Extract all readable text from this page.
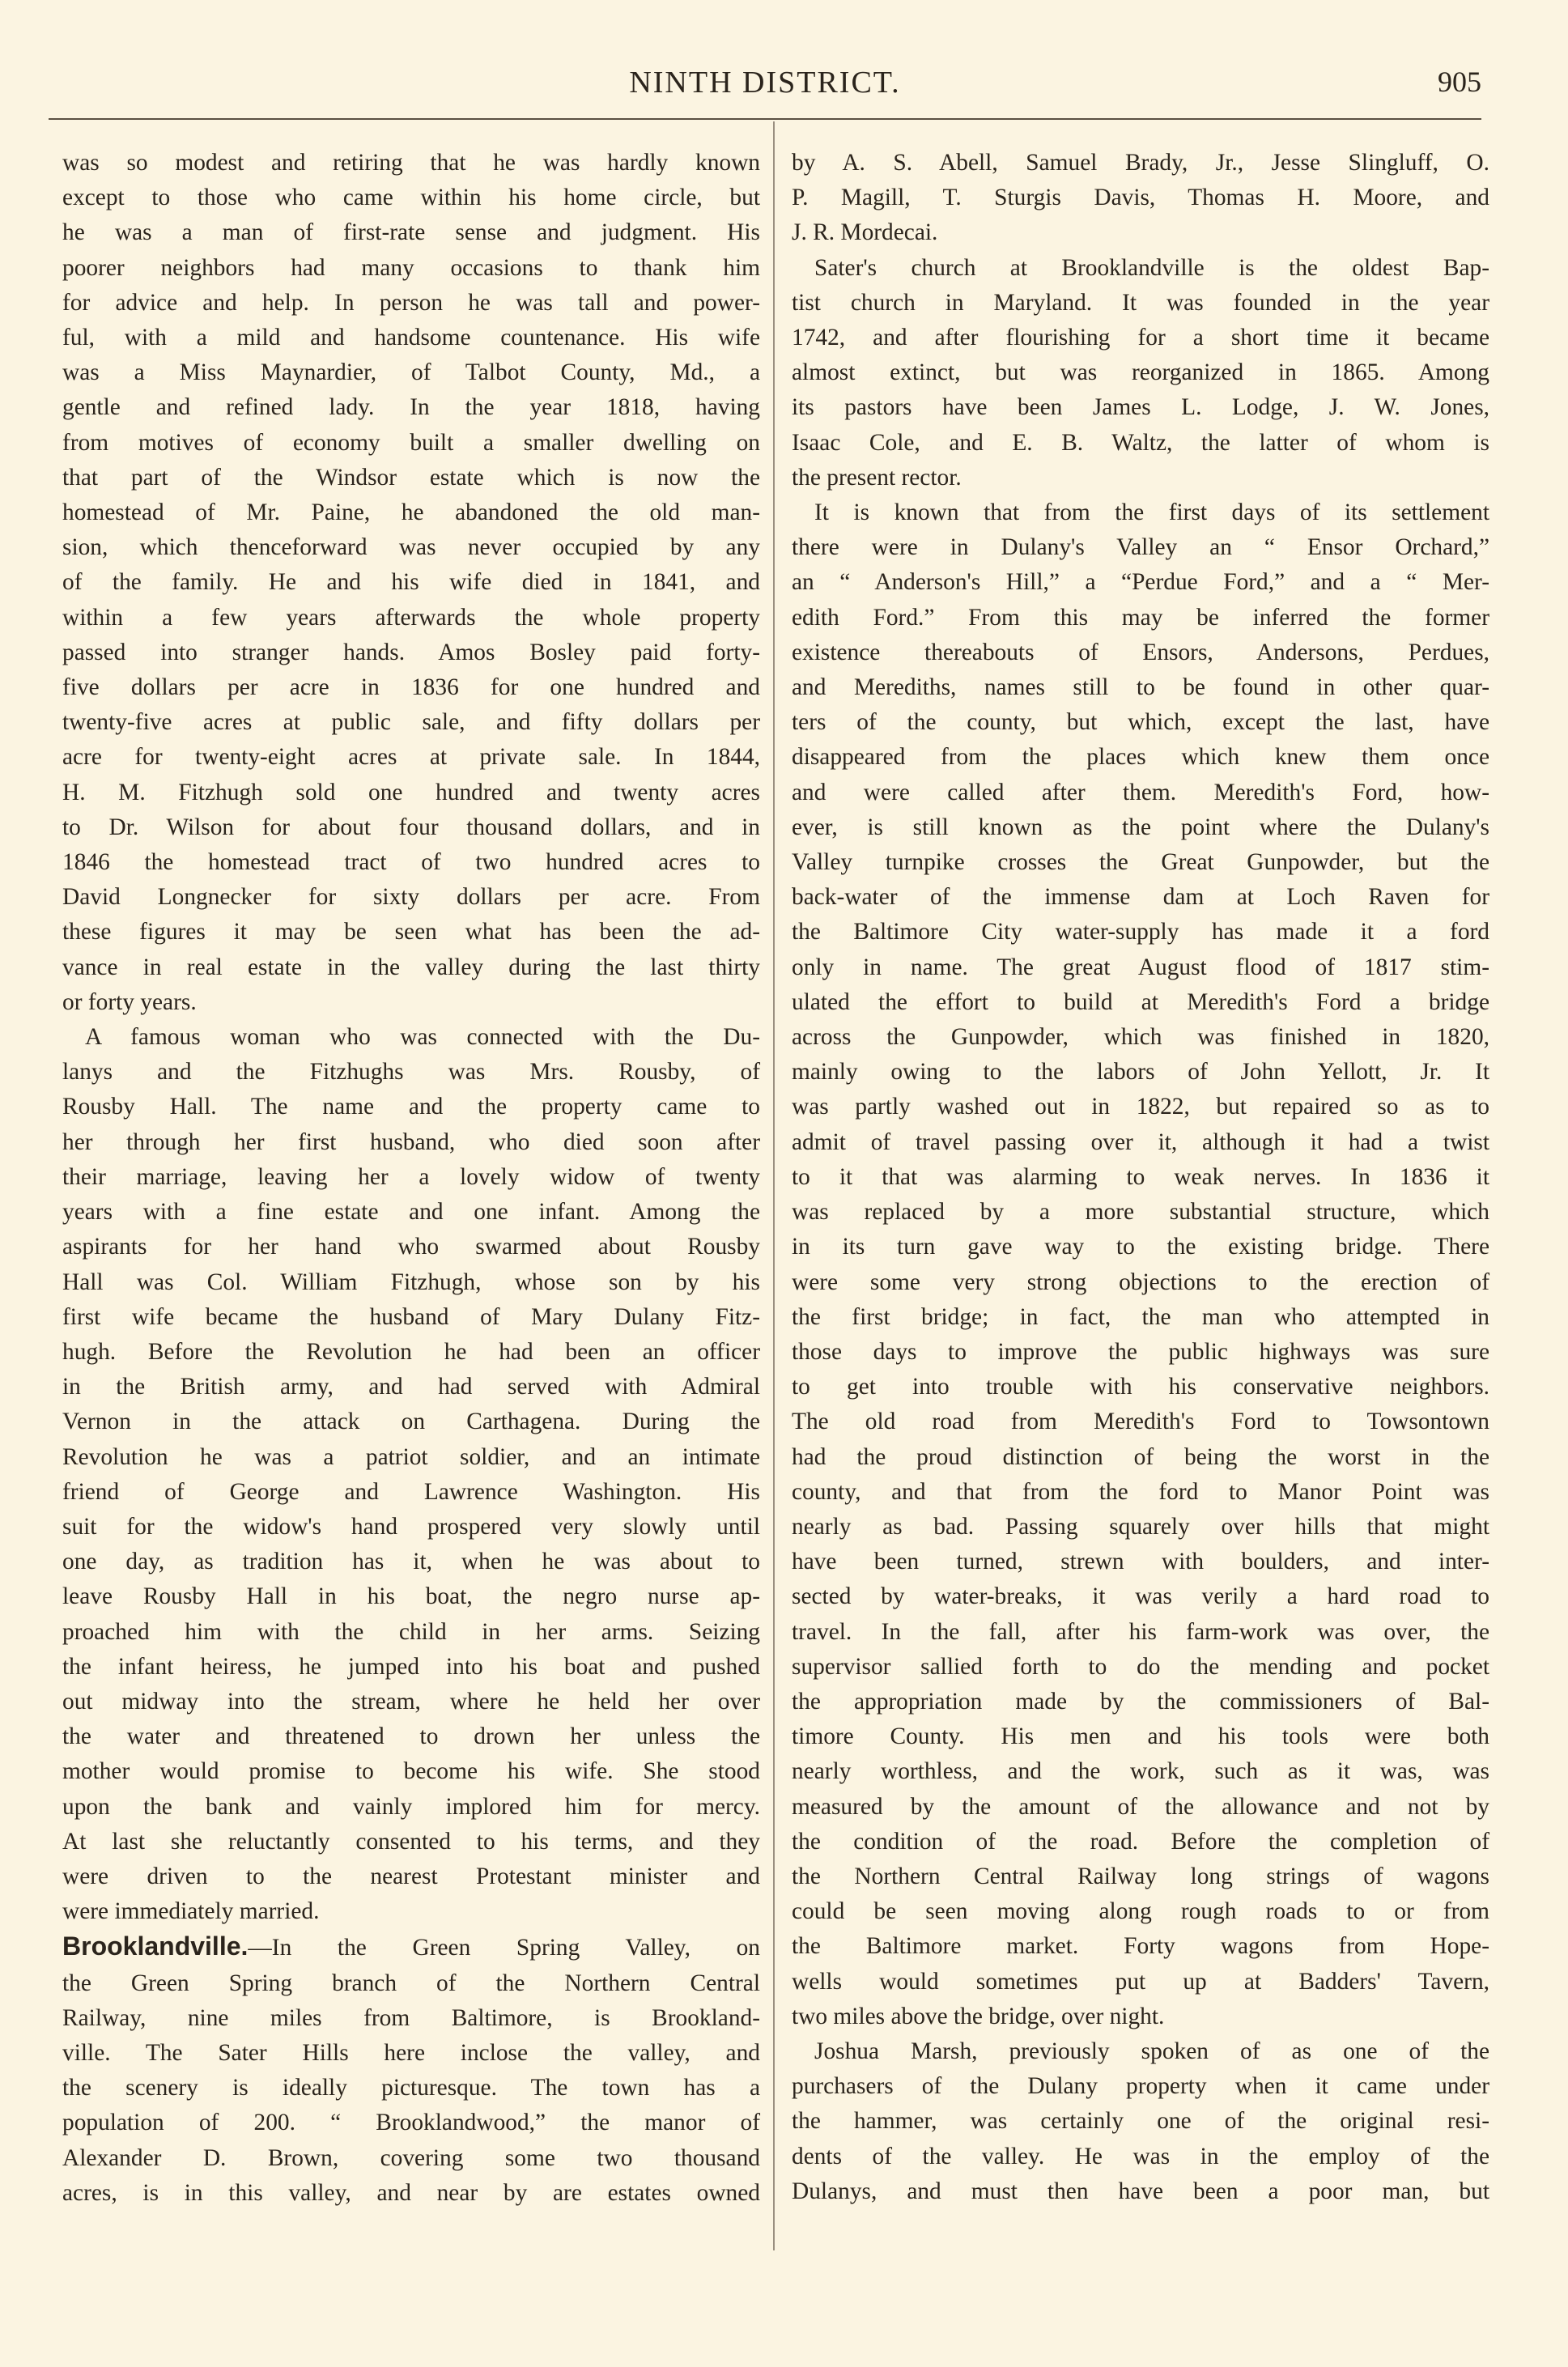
NINTH DISTRICT.	905
was so modest and retiring that he was hardly known
except to those who came within his home circle, but
he was a man of first-rate sense and judgment. His
poorer neighbors had many occasions to thank him
for advice and help. In person he was tall and power-
ful, with a mild and handsome countenance. His wife
was a Miss Maynardier, of Talbot County, Md., a
gentle and refined lady. In the year 1818, having
from motives of economy built a smaller dwelling on
that part of the Windsor estate which is now the
homestead of Mr. Paine, he abandoned the old man-
sion, which thenceforward was never occupied by any
of the family. He and his wife died in 1841, and
within a few years afterwards the whole property
passed into stranger hands. Amos Bosley paid forty-
five dollars per acre in 1836 for one hundred and
twenty-five acres at public sale, and fifty dollars per
acre for twenty-eight acres at private sale. In 1844,
H. M. Fitzhugh sold one hundred and twenty acres
to Dr. Wilson for about four thousand dollars, and in
1846 the homestead tract of two hundred acres to
David Longnecker for sixty dollars per acre. From
these figures it may be seen what has been the ad-
vance in real estate in the valley during the last thirty
or forty years.
A famous woman who was connected with the Du-
lanys and the Fitzhughs was Mrs. Rousby, of
Rousby Hall. The name and the property came to
her through her first husband, who died soon after
their marriage, leaving her a lovely widow of twenty
years with a fine estate and one infant. Among the
aspirants for her hand who swarmed about Rousby
Hall was Col. William Fitzhugh, whose son by his
first wife became the husband of Mary Dulany Fitz-
hugh. Before the Revolution he had been an officer
in the British army, and had served with Admiral
Vernon in the attack on Carthagena. During the
Revolution he was a patriot soldier, and an intimate
friend of George and Lawrence Washington. His
suit for the widow's hand prospered very slowly until
one day, as tradition has it, when he was about to
leave Rousby Hall in his boat, the negro nurse ap-
proached him with the child in her arms. Seizing
the infant heiress, he jumped into his boat and pushed
out midway into the stream, where he held her over
the water and threatened to drown her unless the
mother would promise to become his wife. She stood
upon the bank and vainly implored him for mercy.
At last she reluctantly consented to his terms, and they
were driven to the nearest Protestant minister and
were immediately married.
Brooklandville.—In the Green Spring Valley, on
the Green Spring branch of the Northern Central
Railway, nine miles from Baltimore, is Brookland-
ville. The Sater Hills here inclose the valley, and
the scenery is ideally picturesque. The town has a
population of 200. “ Brooklandwood,” the manor of
Alexander D. Brown, covering some two thousand
acres, is in this valley, and near by are estates owned
by A. S. Abell, Samuel Brady, Jr., Jesse Slingluff, O.
P. Magill, T. Sturgis Davis, Thomas H. Moore, and
J. R. Mordecai.
Sater's church at Brooklandville is the oldest Bap-
tist church in Maryland. It was founded in the year
1742, and after flourishing for a short time it became
almost extinct, but was reorganized in 1865. Among
its pastors have been James L. Lodge, J. W. Jones,
Isaac Cole, and E. B. Waltz, the latter of whom is
the present rector.
It is known that from the first days of its settlement
there were in Dulany's Valley an “ Ensor Orchard,”
an “ Anderson's Hill,” a “Perdue Ford,” and a “ Mer-
edith Ford.” From this may be inferred the former
existence thereabouts of Ensors, Andersons, Perdues,
and Merediths, names still to be found in other quar-
ters of the county, but which, except the last, have
disappeared from the places which knew them once
and were called after them. Meredith's Ford, how-
ever, is still known as the point where the Dulany's
Valley turnpike crosses the Great Gunpowder, but the
back-water of the immense dam at Loch Raven for
the Baltimore City water-supply has made it a ford
only in name. The great August flood of 1817 stim-
ulated the effort to build at Meredith's Ford a bridge
across the Gunpowder, which was finished in 1820,
mainly owing to the labors of John Yellott, Jr. It
was partly washed out in 1822, but repaired so as to
admit of travel passing over it, although it had a twist
to it that was alarming to weak nerves. In 1836 it
was replaced by a more substantial structure, which
in its turn gave way to the existing bridge. There
were some very strong objections to the erection of
the first bridge; in fact, the man who attempted in
those days to improve the public highways was sure
to get into trouble with his conservative neighbors.
The old road from Meredith's Ford to Towsontown
had the proud distinction of being the worst in the
county, and that from the ford to Manor Point was
nearly as bad. Passing squarely over hills that might
have been turned, strewn with boulders, and inter-
sected by water-breaks, it was verily a hard road to
travel. In the fall, after his farm-work was over, the
supervisor sallied forth to do the mending and pocket
the appropriation made by the commissioners of Bal-
timore County. His men and his tools were both
nearly worthless, and the work, such as it was, was
measured by the amount of the allowance and not by
the condition of the road. Before the completion of
the Northern Central Railway long strings of wagons
could be seen moving along rough roads to or from
the Baltimore market. Forty wagons from Hope-
wells would sometimes put up at Badders' Tavern,
two miles above the bridge, over night.
Joshua Marsh, previously spoken of as one of the
purchasers of the Dulany property when it came under
the hammer, was certainly one of the original resi-
dents of the valley. He was in the employ of the
Dulanys, and must then have been a poor man, but
